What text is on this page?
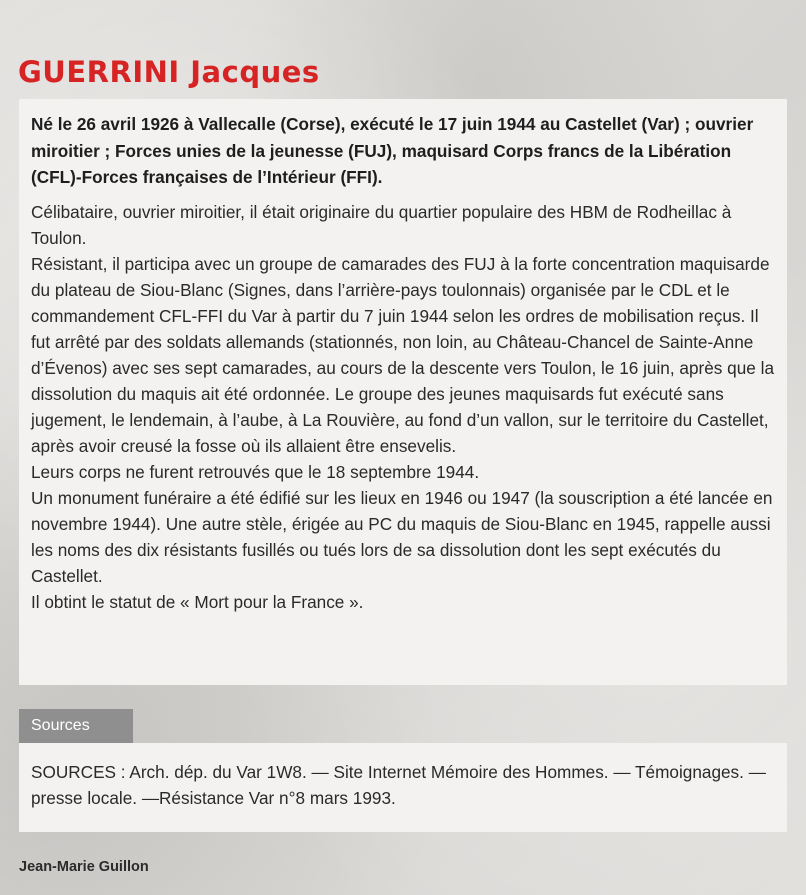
GUERRINI Jacques

Né le 26 avril 1926 à Vallecalle (Corse), exécuté le 17 juin 1944 au Castellet (Var) ; ouvrier miroitier ; Forces unies de la jeunesse (FUJ), maquisard Corps francs de la Libération (CFL)-Forces françaises de l’Intérieur (FFI).

Célibataire, ouvrier miroitier, il était originaire du quartier populaire des HBM de Rodheillac à Toulon.

Résistant, il participa avec un groupe de camarades des FUJ à la forte concentration maquisarde du plateau de Siou-Blanc (Signes, dans l’arrière-pays toulonnais) organisée par le CDL et le commandement CFL-FFI du Var à partir du 7 juin 1944 selon les ordres de mobilisation reçus. Il fut arrêté par des soldats allemands (stationnés, non loin, au Château-Chancel de Sainte-Anne d’Évenos) avec ses sept camarades, au cours de la descente vers Toulon, le 16 juin, après que la dissolution du maquis ait été ordonnée. Le groupe des jeunes maquisards fut exécuté sans jugement, le lendemain, à l’aube, à La Rouvière, au fond d’un vallon, sur le territoire du Castellet, après avoir creusé la fosse où ils allaient être ensevelis.

Leurs corps ne furent retrouvés que le 18 septembre 1944.

Un monument funéraire a été édifié sur les lieux en 1946 ou 1947 (la souscription a été lancée en novembre 1944). Une autre stèle, érigée au PC du maquis de Siou-Blanc en 1945, rappelle aussi les noms des dix résistants fusillés ou tués lors de sa dissolution dont les sept exécutés du Castellet.

Il obtint le statut de « Mort pour la France ».

Sources

SOURCES : Arch. dép. du Var 1W8. — Site Internet Mémoire des Hommes. — Témoignages. — presse locale. —Résistance Var n°8 mars 1993.

Jean-Marie Guillon
